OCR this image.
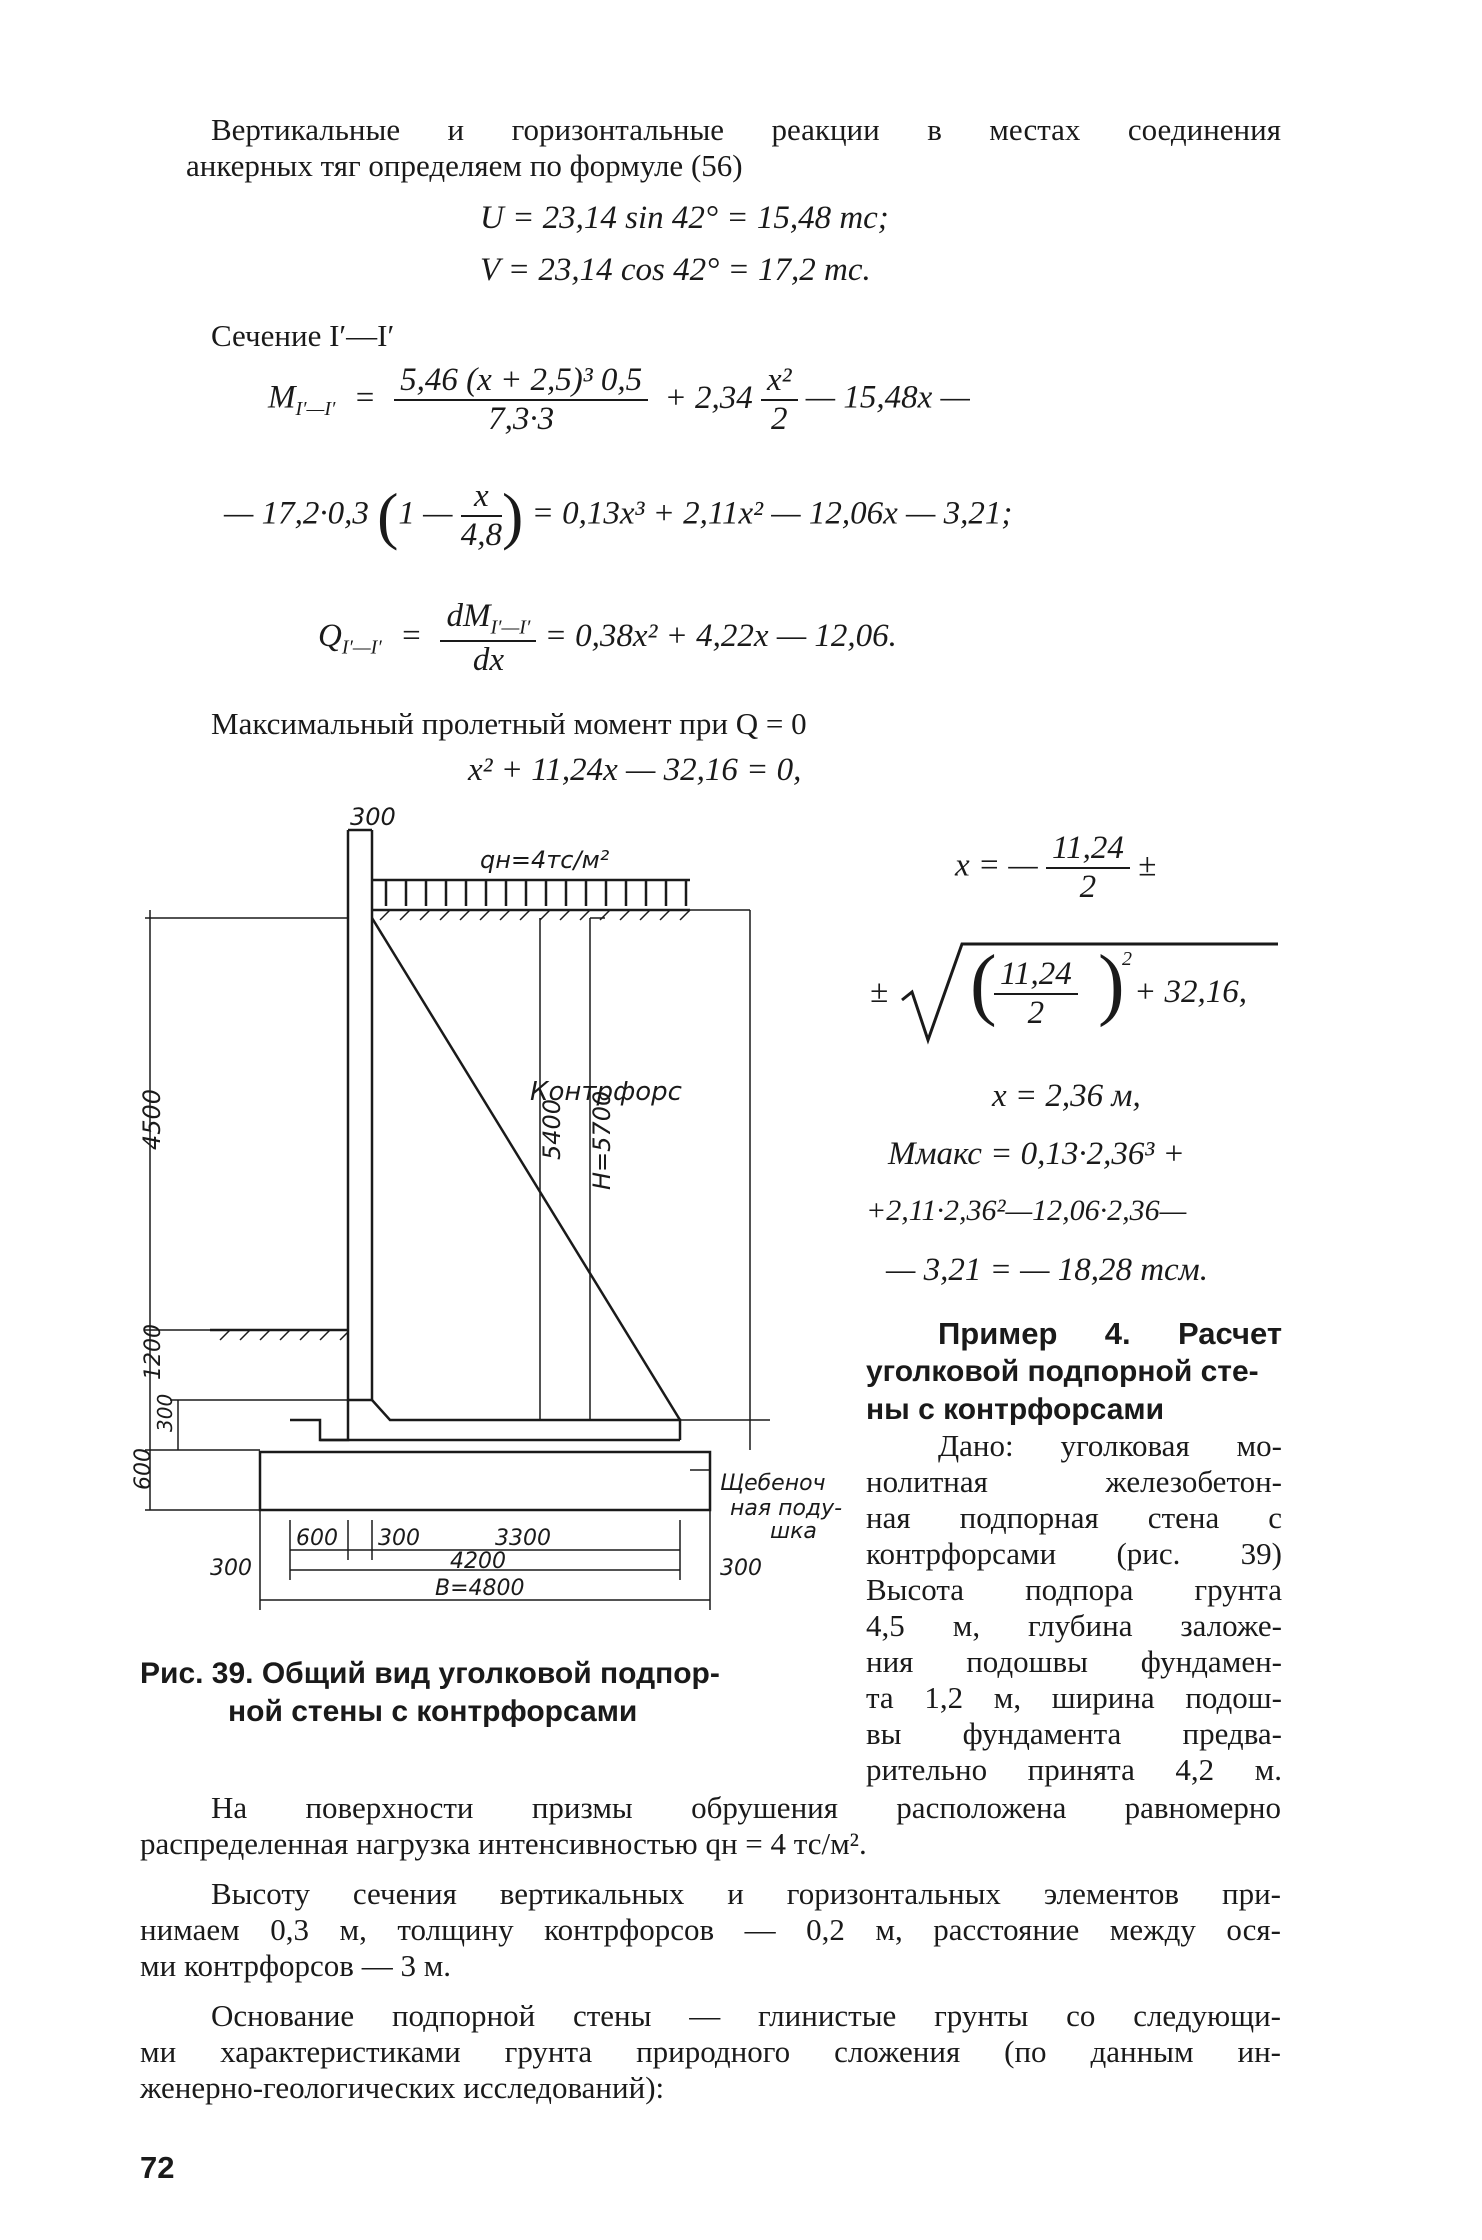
Вертикальные и горизонтальные реакции в местах соединения
анкерных тяг определяем по формуле (56)
U = 23,14 sin 42° = 15,48 тс;
V = 23,14 cos 42° = 17,2 тс.
Сечение I′—I′
$M_{I'—I'} = \frac{\text{5,46 (x + 2,5)³ 0,5}}{7,3\cdot 3} + 2,34 \frac{\text{x²}}{2}$ — 15,48x —
— 17,2·0,3 (1 — $\frac{x}{4,8}$ ) = 0,13x³ + 2,11x² — 12,06x — 3,21;
$Q_{I'—I'} = \frac{dM_{I'—I'}}{dx} = 0,38x^2 + 4,22x$ — 12,06.
Максимальный пролетный момент при Q = 0
x² + 11,24x — 32,16 = 0,
x = — $\frac{11,24}{2}$ ±
± (
$\frac{11,24}{2}$ )
2
+ 32,16,
x = 2,36 м,
Mмакс = 0,13·2,36³ +
+2,11·2,36²—12,06·2,36—
— 3,21 = — 18,28 тсм.
Пример 4. Расчет
уголковой подпорной сте-
ны с контрфорсами
Дано: уголковая мо-
нолитная железобетон-
ная подпорная стена с
контрфорсами (рис. 39)
Высота подпора грунта
4,5 м, глубина заложе-
ния подошвы фундамен-
та 1,2 м, ширина подош-
вы фундамента предва-
рительно принята 4,2 м.
300
qн=4тс/м²
Контрфорс
4500	5400 H=5700
1200
300
600
600 300	3300
4200
B=4800
300	300
Щебеноч
ная поду-
шка
Рис. 39. Общий вид уголковой подпор-
ной стены с контрфорсами
На поверхности призмы обрушения расположена равномерно
распределенная нагрузка интенсивностью qн = 4 тс/м².
Высоту сечения вертикальных и горизонтальных элементов при-
нимаем 0,3 м, толщину контрфорсов — 0,2 м, расстояние между ося-
ми контрфорсов — 3 м.
Основание подпорной стены — глинистые грунты со следующи-
ми характеристиками грунта природного сложения (по данным ин-
женерно-геологических исследований):
72
